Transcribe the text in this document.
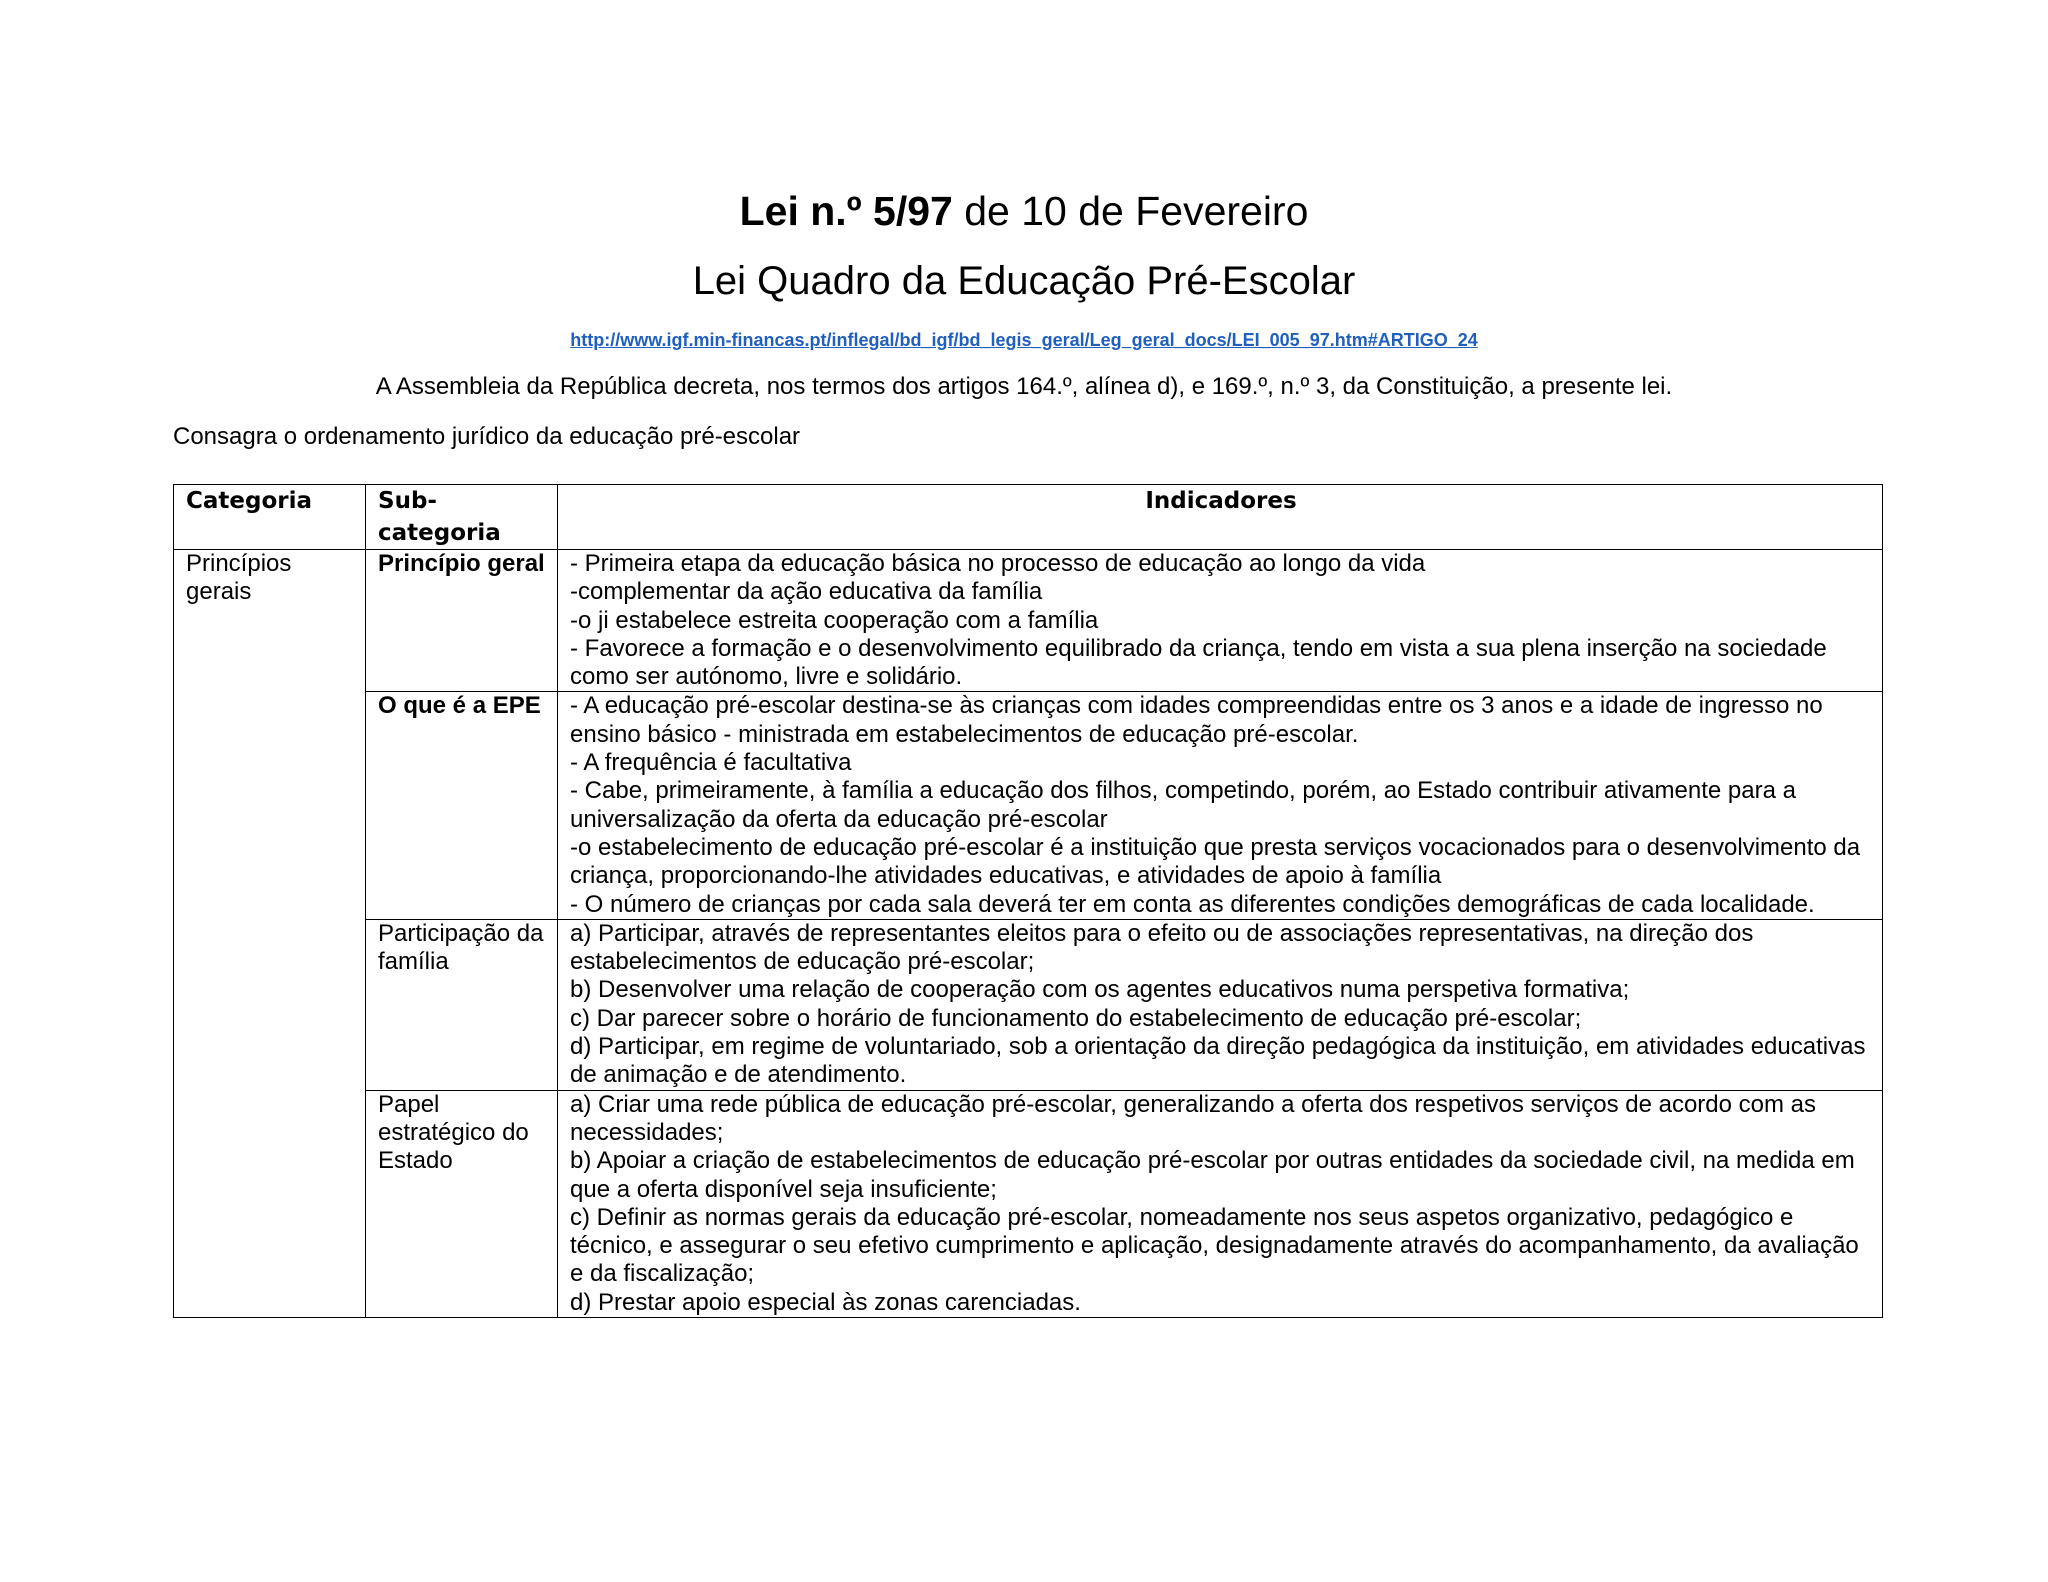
Lei n.º 5/97 de 10 de Fevereiro
Lei Quadro da Educação Pré-Escolar
http://www.igf.min-financas.pt/inflegal/bd_igf/bd_legis_geral/Leg_geral_docs/LEI_005_97.htm#ARTIGO_24
A Assembleia da República decreta, nos termos dos artigos 164.º, alínea d), e 169.º, n.º 3, da Constituição, a presente lei.
Consagra o ordenamento jurídico da educação pré-escolar
Categoria	Sub-categoria	Indicadores
Princípios gerais	Princípio geral	- Primeira etapa da educação básica no processo de educação ao longo da vida
-complementar da ação educativa da família
-o ji estabelece estreita cooperação com a família
- Favorece a formação e o desenvolvimento equilibrado da criança, tendo em vista a sua plena inserção na sociedade como ser autónomo, livre e solidário.

	O que é a EPE	- A educação pré-escolar destina-se às crianças com idades compreendidas entre os 3 anos e a idade de ingresso no ensino básico - ministrada em estabelecimentos de educação pré-escolar.
- A frequência é facultativa
- Cabe, primeiramente, à família a educação dos filhos, competindo, porém, ao Estado contribuir ativamente para a universalização da oferta da educação pré-escolar
-o estabelecimento de educação pré-escolar é a instituição que presta serviços vocacionados para o desenvolvimento da criança, proporcionando-lhe atividades educativas, e atividades de apoio à família
- O número de crianças por cada sala deverá ter em conta as diferentes condições demográficas de cada localidade.

	Participação da família	a) Participar, através de representantes eleitos para o efeito ou de associações representativas, na direção dos estabelecimentos de educação pré-escolar;
b) Desenvolver uma relação de cooperação com os agentes educativos numa perspetiva formativa;
c) Dar parecer sobre o horário de funcionamento do estabelecimento de educação pré-escolar;
d) Participar, em regime de voluntariado, sob a orientação da direção pedagógica da instituição, em atividades educativas de animação e de atendimento.

	Papel estratégico do Estado	a) Criar uma rede pública de educação pré-escolar, generalizando a oferta dos respetivos serviços de acordo com as necessidades;
b) Apoiar a criação de estabelecimentos de educação pré-escolar por outras entidades da sociedade civil, na medida em que a oferta disponível seja insuficiente;
c) Definir as normas gerais da educação pré-escolar, nomeadamente nos seus aspetos organizativo, pedagógico e técnico, e assegurar o seu efetivo cumprimento e aplicação, designadamente através do acompanhamento, da avaliação e da fiscalização;
d) Prestar apoio especial às zonas carenciadas.
